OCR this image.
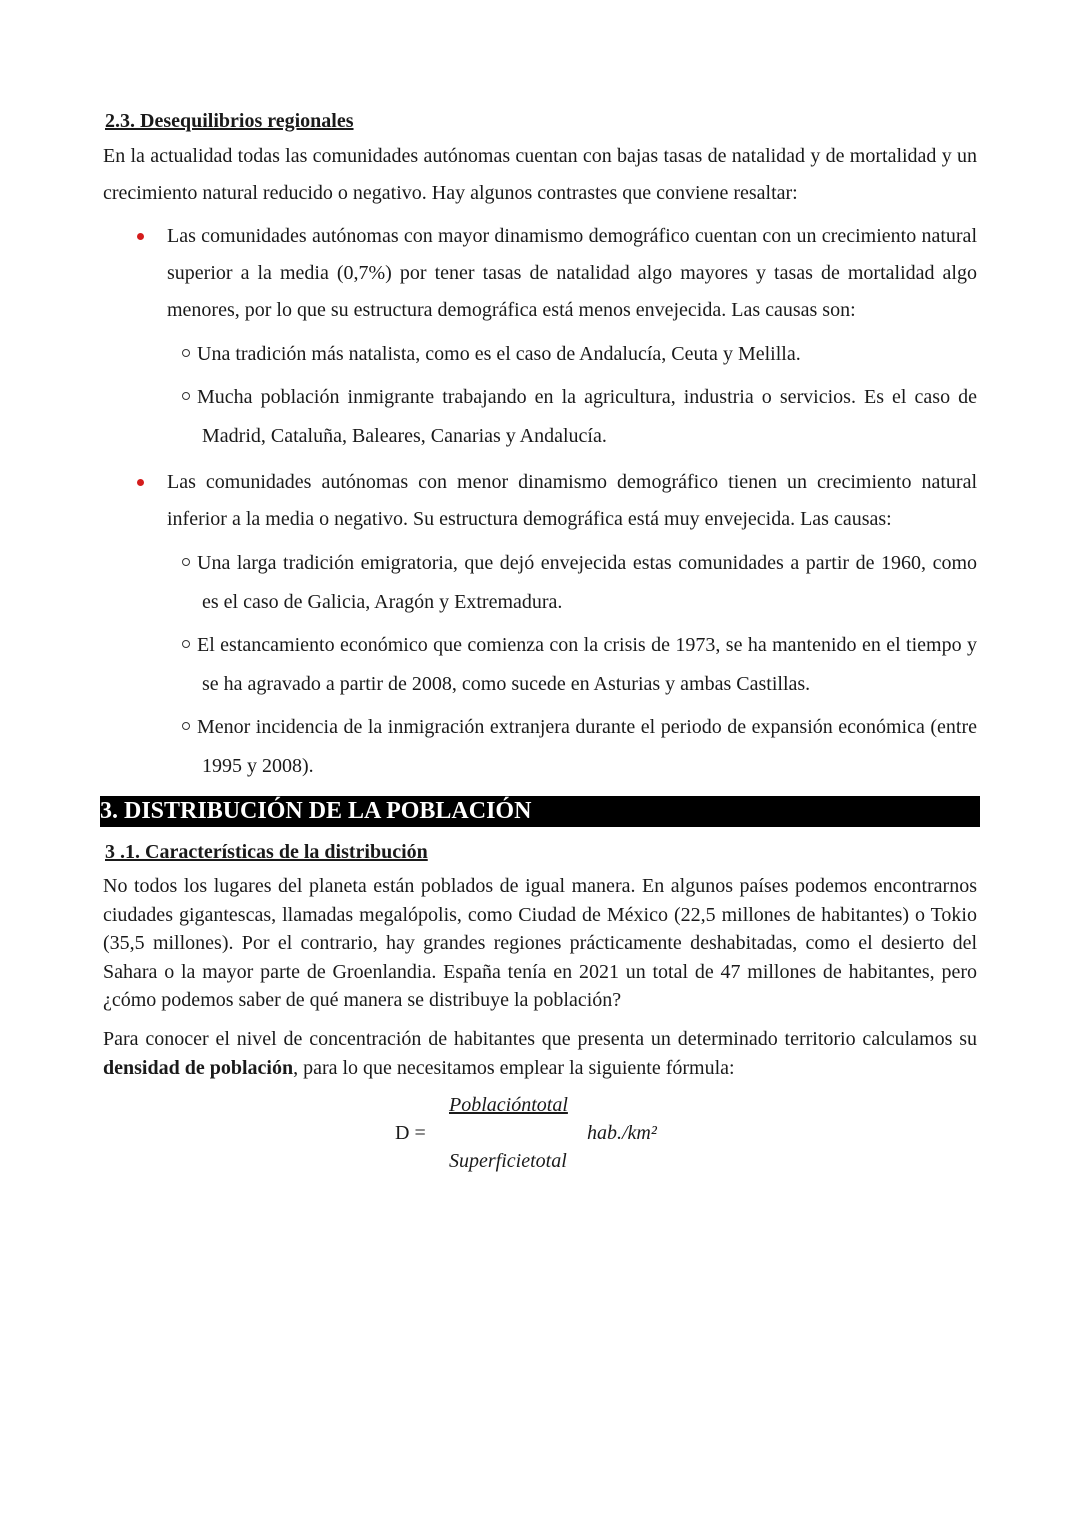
2.3. Desequilibrios regionales

En la actualidad todas las comunidades autónomas cuentan con bajas tasas de natalidad y de mortalidad y un crecimiento natural reducido o negativo. Hay algunos contrastes que conviene resaltar:

Las comunidades autónomas con mayor dinamismo demográfico cuentan con un crecimiento natural superior a la media (0,7%) por tener tasas de natalidad algo mayores y tasas de mortalidad algo menores, por lo que su estructura demográfica está menos envejecida. Las causas son:
Una tradición más natalista, como es el caso de Andalucía, Ceuta y Melilla.
Mucha población inmigrante trabajando en la agricultura, industria o servicios. Es el caso de Madrid, Cataluña, Baleares, Canarias y Andalucía.
Las comunidades autónomas con menor dinamismo demográfico tienen un crecimiento natural inferior a la media o negativo. Su estructura demográfica está muy envejecida. Las causas:
Una larga tradición emigratoria, que dejó envejecida estas comunidades a partir de 1960, como es el caso de Galicia, Aragón y Extremadura.
El estancamiento económico que comienza con la crisis de 1973, se ha mantenido en el tiempo y se ha agravado a partir de 2008, como sucede en Asturias y ambas Castillas.
Menor incidencia de la inmigración extranjera durante el periodo de expansión económica (entre 1995 y 2008).
3. DISTRIBUCIÓN DE LA POBLACIÓN
3 .1. Características de la distribución

No todos los lugares del planeta están poblados de igual manera. En algunos países podemos encontrarnos ciudades gigantescas, llamadas megalópolis, como Ciudad de México (22,5 millones de habitantes) o Tokio (35,5 millones). Por el contrario, hay grandes regiones prácticamente deshabitadas, como el desierto del Sahara o la mayor parte de Groenlandia. España tenía en 2021 un total de 47 millones de habitantes, pero ¿cómo podemos saber de qué manera se distribuye la población?

Para conocer el nivel de concentración de habitantes que presenta un determinado territorio calculamos su densidad de población, para lo que necesitamos emplear la siguiente fórmula:

Poblacióntotal
D =	hab./km²
Superficietotal
